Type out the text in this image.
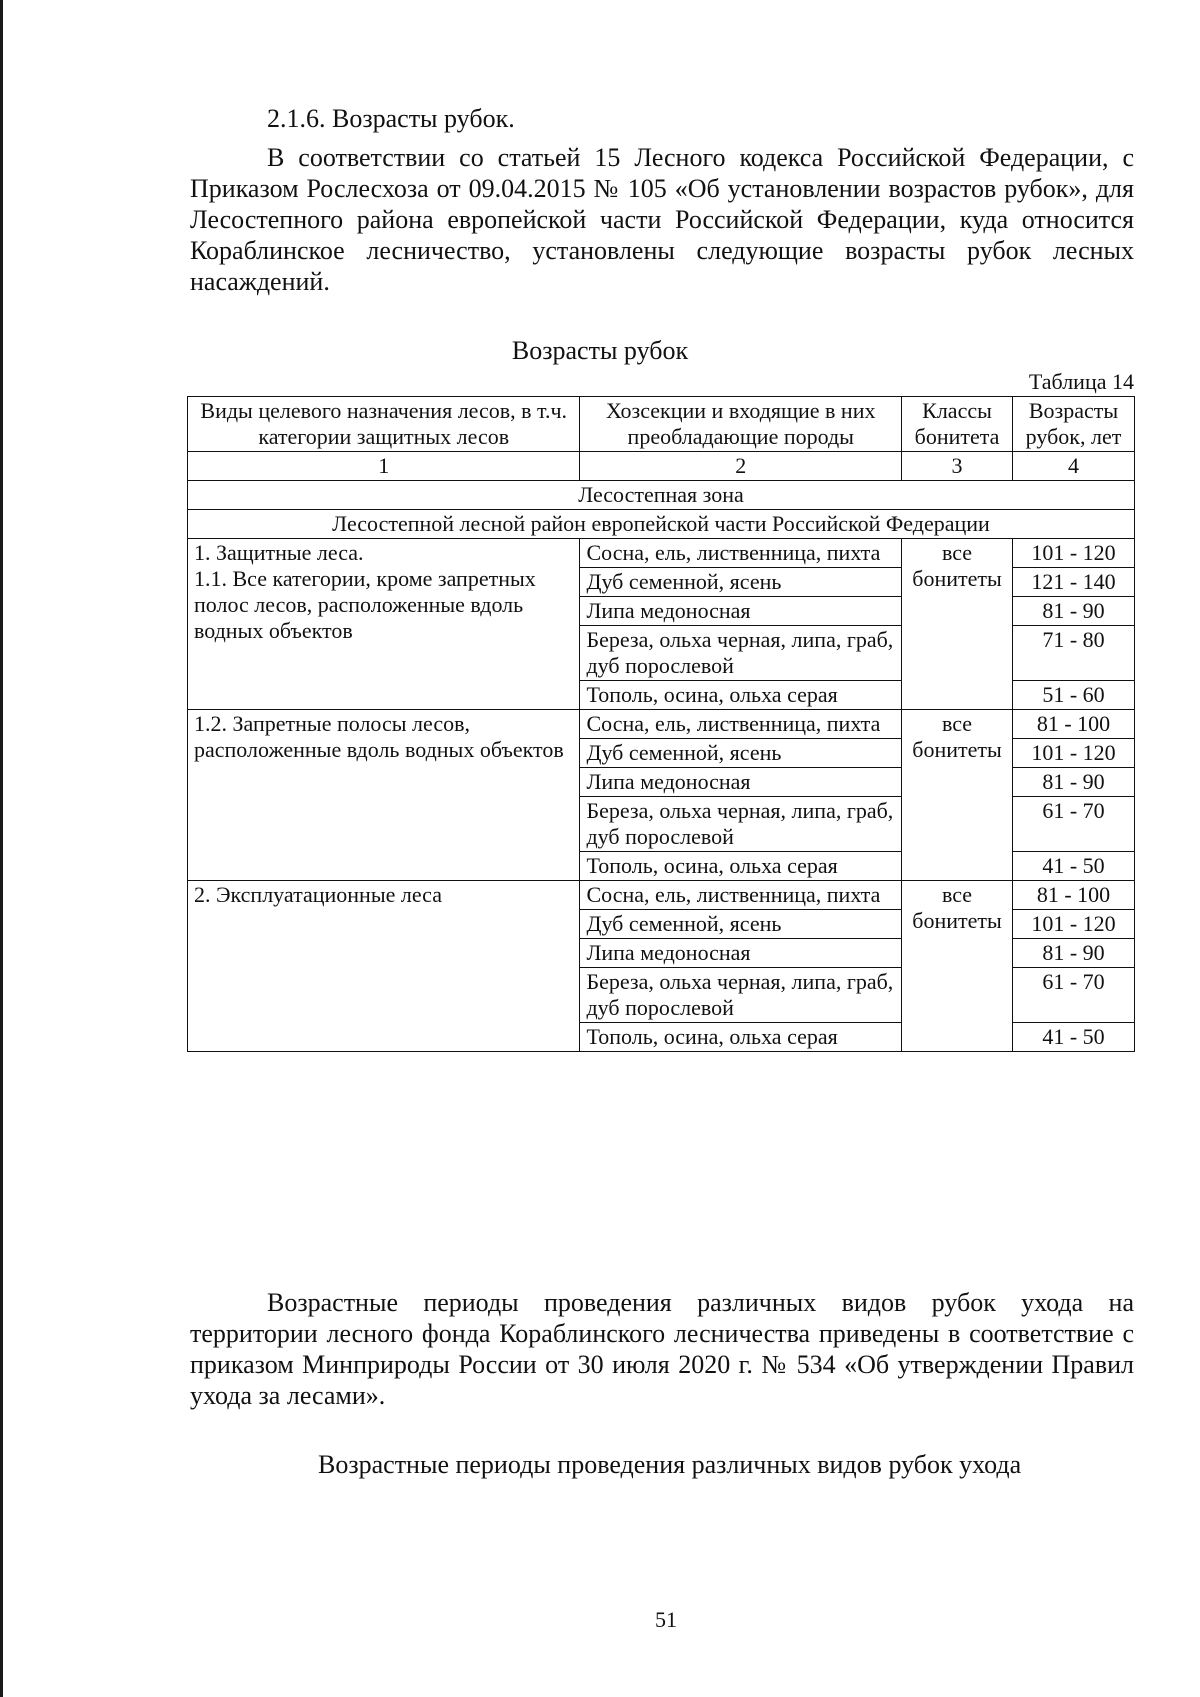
2.1.6. Возрасты рубок.
В соответствии со статьей 15 Лесного кодекса Российской Федерации, с Приказом Рослесхоза от 09.04.2015 № 105 «Об установлении возрастов рубок», для Лесостепного района европейской части Российской Федерации, куда относится Кораблинское лесничество, установлены следующие возрасты рубок лесных насаждений.
Возрасты рубок
Таблица 14
Виды целевого назначения лесов, в т.ч. категории защитных лесов	Хозсекции и входящие в них преобладающие породы	Классы бонитета	Возрасты рубок, лет
1	2	3	4
Лесостепная зона			
Лесостепной лесной район европейской части Российской Федерации			
1. Защитные леса.
1.1. Все категории, кроме запретных полос лесов, расположенные вдоль водных объектов	Сосна, ель, лиственница, пихта	все бонитеты	101 - 120
	Дуб семенной, ясень		121 - 140
	Липа медоносная		81 - 90
	Береза, ольха черная, липа, граб, дуб порослевой		71 - 80
	Тополь, осина, ольха серая		51 - 60
1.2. Запретные полосы лесов, расположенные вдоль водных объектов	Сосна, ель, лиственница, пихта	все бонитеты	81 - 100
	Дуб семенной, ясень		101 - 120
	Липа медоносная		81 - 90
	Береза, ольха черная, липа, граб, дуб порослевой		61 - 70
	Тополь, осина, ольха серая		41 - 50
2. Эксплуатационные леса	Сосна, ель, лиственница, пихта	все бонитеты	81 - 100
	Дуб семенной, ясень		101 - 120
	Липа медоносная		81 - 90
	Береза, ольха черная, липа, граб, дуб порослевой		61 - 70
	Тополь, осина, ольха серая		41 - 50
Возрастные периоды проведения различных видов рубок ухода на территории лесного фонда Кораблинского лесничества приведены в соответствие с приказом Минприроды России от 30 июля 2020 г. № 534 «Об утверждении Правил ухода за лесами».
Возрастные периоды проведения различных видов рубок ухода
51
